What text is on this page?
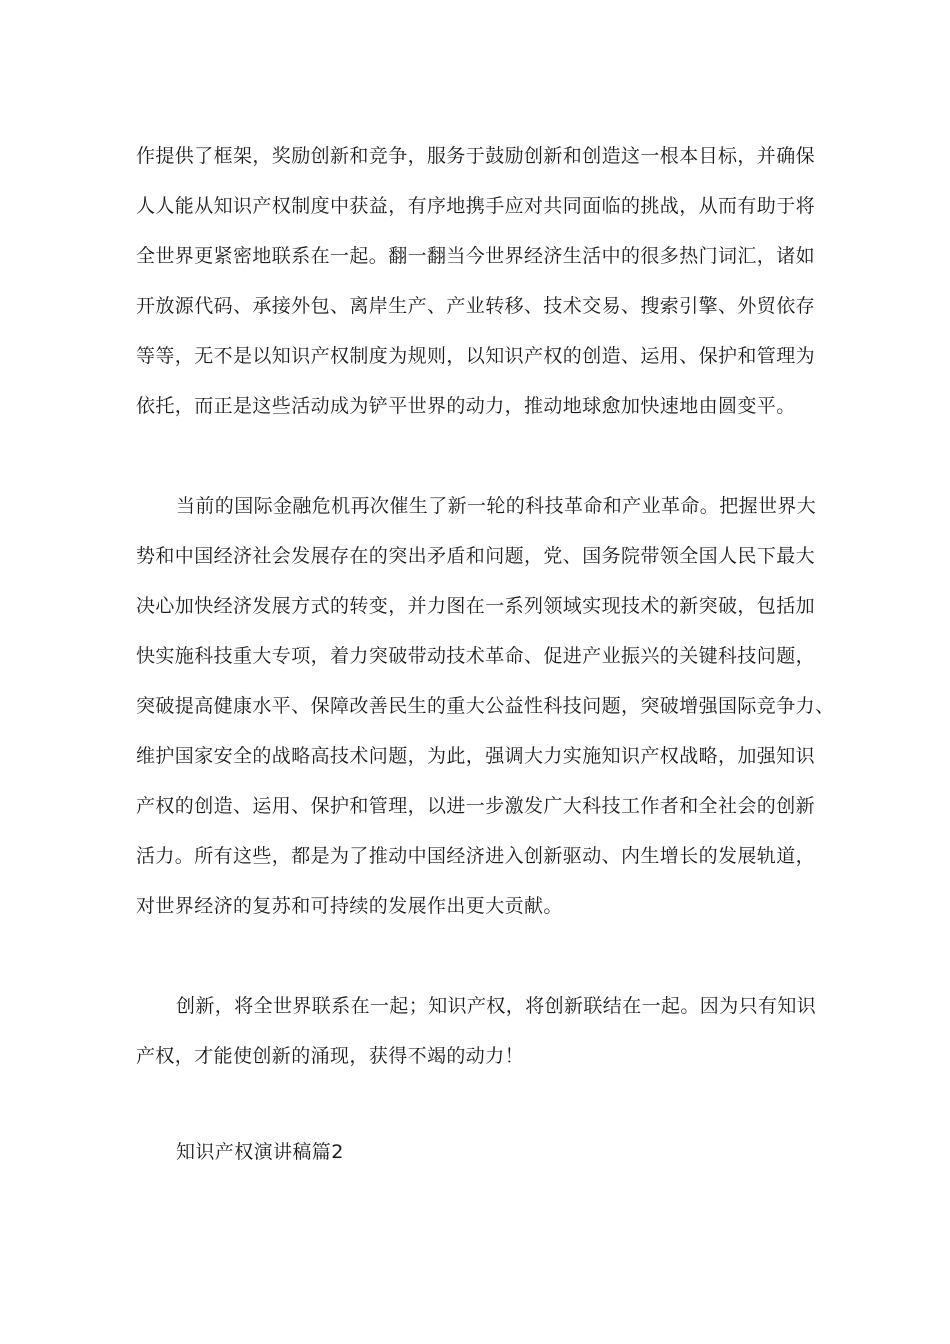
作提供了框架，奖励创新和竞争，服务于鼓励创新和创造这一根本目标，并确保
人人能从知识产权制度中获益，有序地携手应对共同面临的挑战，从而有助于将
全世界更紧密地联系在一起。翻一翻当今世界经济生活中的很多热门词汇，诸如
开放源代码、承接外包、离岸生产、产业转移、技术交易、搜索引擎、外贸依存
等等，无不是以知识产权制度为规则，以知识产权的创造、运用、保护和管理为
依托，而正是这些活动成为铲平世界的动力，推动地球愈加快速地由圆变平。
当前的国际金融危机再次催生了新一轮的科技革命和产业革命。把握世界大
势和中国经济社会发展存在的突出矛盾和问题，党、国务院带领全国人民下最大
决心加快经济发展方式的转变，并力图在一系列领域实现技术的新突破，包括加
快实施科技重大专项，着力突破带动技术革命、促进产业振兴的关键科技问题，
突破提高健康水平、保障改善民生的重大公益性科技问题，突破增强国际竞争力、
维护国家安全的战略高技术问题，为此，强调大力实施知识产权战略，加强知识
产权的创造、运用、保护和管理，以进一步激发广大科技工作者和全社会的创新
活力。所有这些，都是为了推动中国经济进入创新驱动、内生增长的发展轨道，
对世界经济的复苏和可持续的发展作出更大贡献。
创新，将全世界联系在一起；知识产权，将创新联结在一起。因为只有知识
产权，才能使创新的涌现，获得不竭的动力！
知识产权演讲稿篇2
